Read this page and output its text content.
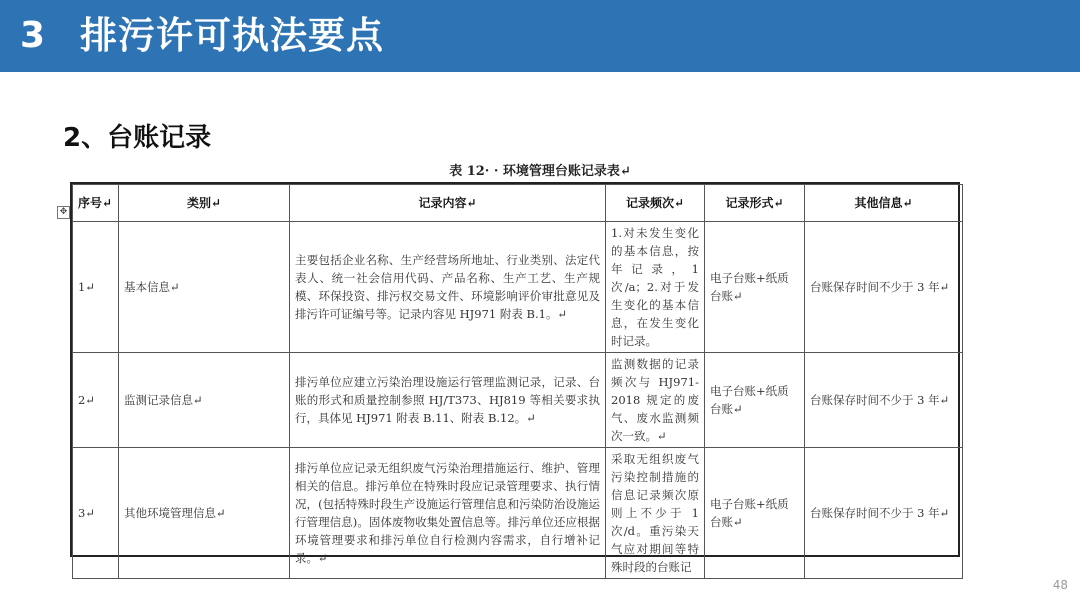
3 排污许可执法要点
2、台账记录
表 12· · 环境管理台账记录表↵
✥
序号↵	类别↵	记录内容↵	记录频次↵	记录形式↵	其他信息↵
1↵	基本信息↵	主要包括企业名称、生产经营场所地址、行业类别、法定代表人、统一社会信用代码、产品名称、生产工艺、生产规模、环保投资、排污权交易文件、环境影响评价审批意见及排污许可证编号等。记录内容见 HJ971 附表 B.1。↵	1.对未发生变化的基本信息，按年记录，1 次/a；2.对于发生变化的基本信息，在发生变化时记录。	电子台账+纸质台账↵	台账保存时间不少于 3 年↵
2↵	监测记录信息↵	排污单位应建立污染治理设施运行管理监测记录，记录、台账的形式和质量控制参照 HJ/T373、HJ819 等相关要求执行，具体见 HJ971 附表 B.11、附表 B.12。↵	监测数据的记录频次与 HJ971-2018 规定的废气、废水监测频次一致。↵	电子台账+纸质台账↵	台账保存时间不少于 3 年↵
3↵	其他环境管理信息↵	排污单位应记录无组织废气污染治理措施运行、维护、管理相关的信息。排污单位在特殊时段应记录管理要求、执行情况，(包括特殊时段生产设施运行管理信息和污染防治设施运行管理信息)。固体废物收集处置信息等。排污单位还应根据环境管理要求和排污单位自行检测内容需求，自行增补记录。↵	采取无组织废气污染控制措施的信息记录频次原则上不少于 1 次/d。重污染天气应对期间等特殊时段的台账记	电子台账+纸质台账↵	台账保存时间不少于 3 年↵
48
